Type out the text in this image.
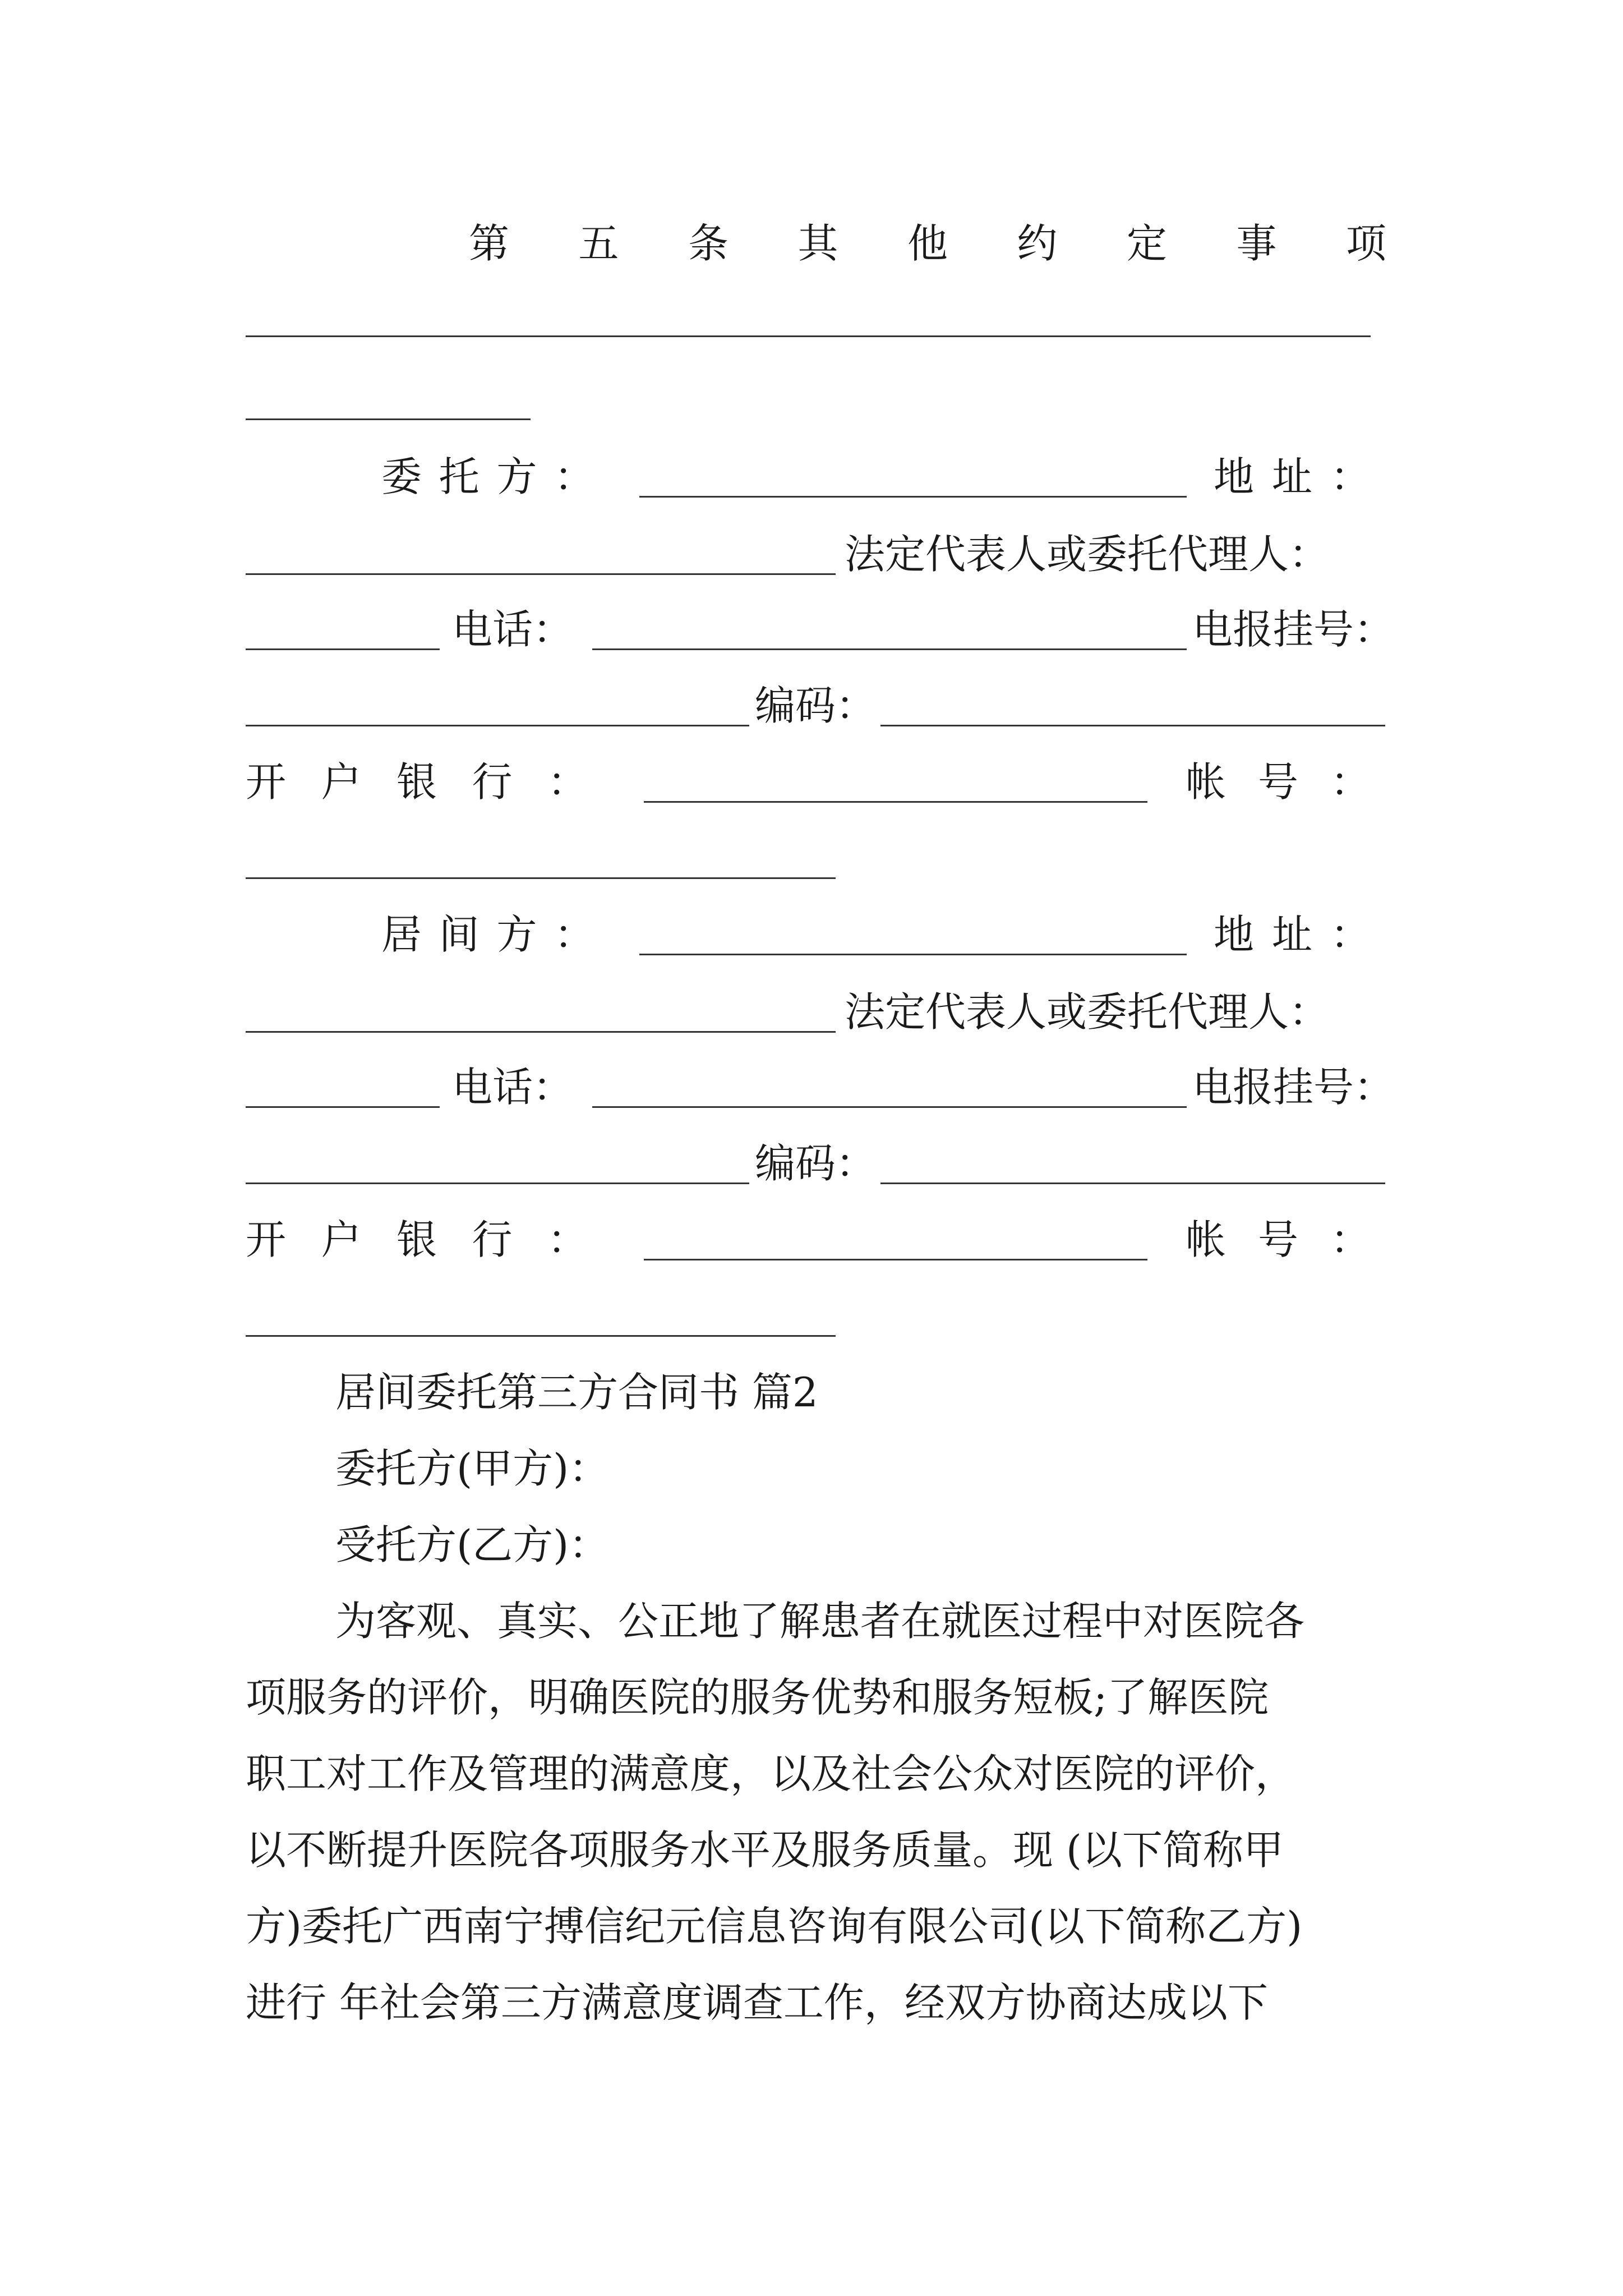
第 五 条 其 他 约 定 事 项
委 托 方 ：	地 址 ：
法定代表人或委托代理人：
电话：	电报挂号：
编码：
开 户 银 行 ：	帐 号 ：
居 间 方 ：	地 址 ：
法定代表人或委托代理人：
电话：	电报挂号：
编码：
开 户 银 行 ：	帐 号 ：
居间委托第三方合同书 篇2
委托方(甲方)：
受托方(乙方)：
为客观、真实、公正地了解患者在就医过程中对医院各
项服务的评价，明确医院的服务优势和服务短板;了解医院
职工对工作及管理的满意度，以及社会公众对医院的评价，
以不断提升医院各项服务水平及服务质量。现 (以下简称甲
方)委托广西南宁搏信纪元信息咨询有限公司(以下简称乙方)
进行 年社会第三方满意度调查工作，经双方协商达成以下
